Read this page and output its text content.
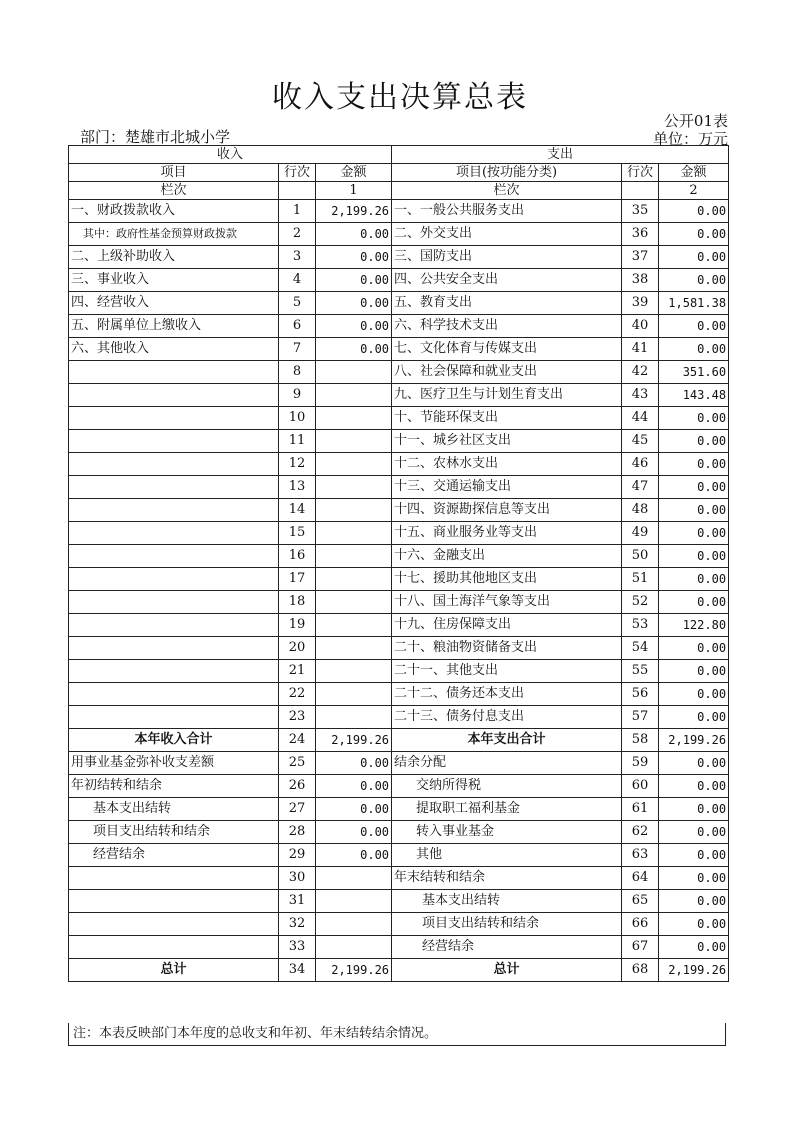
收入支出决算总表
公开01表
部门：楚雄市北城小学	单位：万元
收入			支出		
项目	行次	金额	项目(按功能分类)	行次	金额
栏次		1	栏次		2
一、财政拨款收入	1	2,199.26	一、一般公共服务支出	35	0.00
其中：政府性基金预算财政拨款	2	0.00	二、外交支出	36	0.00
二、上级补助收入	3	0.00	三、国防支出	37	0.00
三、事业收入	4	0.00	四、公共安全支出	38	0.00
四、经营收入	5	0.00	五、教育支出	39	1,581.38
五、附属单位上缴收入	6	0.00	六、科学技术支出	40	0.00
六、其他收入	7	0.00	七、文化体育与传媒支出	41	0.00
	8		八、社会保障和就业支出	42	351.60
	9		九、医疗卫生与计划生育支出	43	143.48
	10		十、节能环保支出	44	0.00
	11		十一、城乡社区支出	45	0.00
	12		十二、农林水支出	46	0.00
	13		十三、交通运输支出	47	0.00
	14		十四、资源勘探信息等支出	48	0.00
	15		十五、商业服务业等支出	49	0.00
	16		十六、金融支出	50	0.00
	17		十七、援助其他地区支出	51	0.00
	18		十八、国土海洋气象等支出	52	0.00
	19		十九、住房保障支出	53	122.80
	20		二十、粮油物资储备支出	54	0.00
	21		二十一、其他支出	55	0.00
	22		二十二、债务还本支出	56	0.00
	23		二十三、债务付息支出	57	0.00
本年收入合计	24	2,199.26	本年支出合计	58	2,199.26
用事业基金弥补收支差额	25	0.00	结余分配	59	0.00
年初结转和结余	26	0.00	交纳所得税	60	0.00
基本支出结转	27	0.00	提取职工福利基金	61	0.00
项目支出结转和结余	28	0.00	转入事业基金	62	0.00
经营结余	29	0.00	其他	63	0.00
	30		年末结转和结余	64	0.00
	31		基本支出结转	65	0.00
	32		项目支出结转和结余	66	0.00
	33		经营结余	67	0.00
总计	34	2,199.26	总计	68	2,199.26
注：本表反映部门本年度的总收支和年初、年末结转结余情况。
